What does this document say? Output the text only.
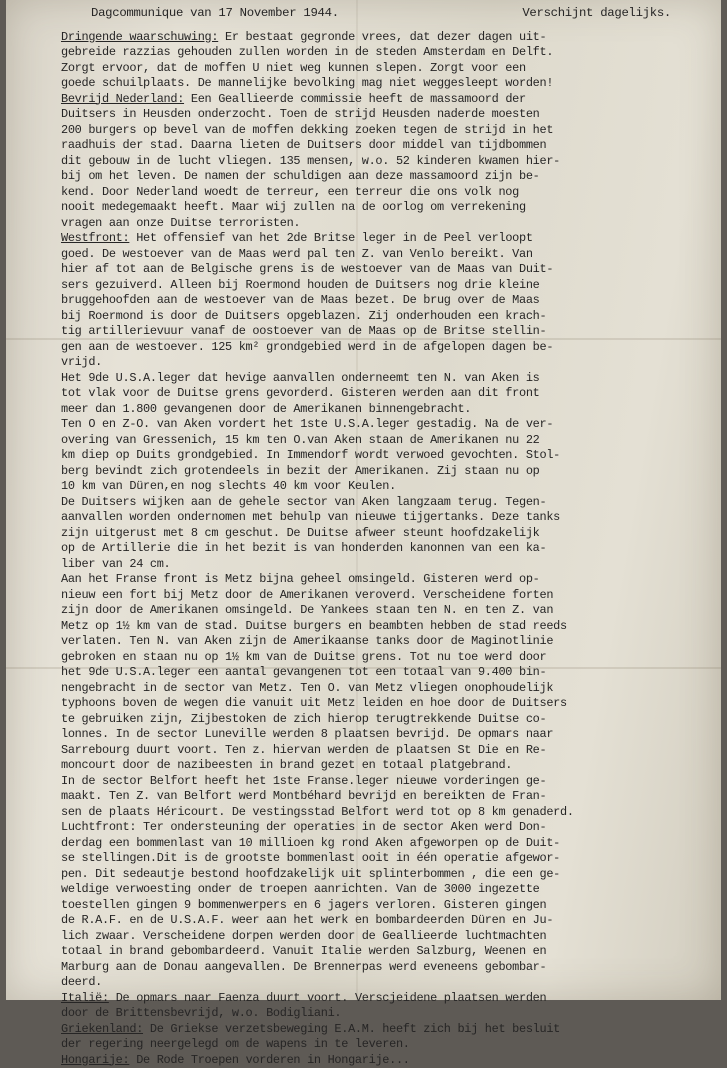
Dagcommunique van 17 November 1944.	Verschijnt dagelijks.

Dringende waarschuwing: Er bestaat gegronde vrees, dat dezer dagen uit-

gebreide razzias gehouden zullen worden in de steden Amsterdam en Delft.

Zorgt ervoor, dat de moffen U niet weg kunnen slepen. Zorgt voor een

goede schuilplaats. De mannelijke bevolking mag niet weggesleept worden!

Bevrijd Nederland: Een Geallieerde commissie heeft de massamoord der

Duitsers in Heusden onderzocht. Toen de strijd Heusden naderde moesten

200 burgers op bevel van de moffen dekking zoeken tegen de strijd in het

raadhuis der stad. Daarna lieten de Duitsers door middel van tijdbommen

dit gebouw in de lucht vliegen. 135 mensen, w.o. 52 kinderen kwamen hier-

bij om het leven. De namen der schuldigen aan deze massamoord zijn be-

kend. Door Nederland woedt de terreur, een terreur die ons volk nog

nooit medegemaakt heeft. Maar wij zullen na de oorlog om verrekening

vragen aan onze Duitse terroristen.

Westfront: Het offensief van het 2de Britse leger in de Peel verloopt

goed. De westoever van de Maas werd pal ten Z. van Venlo bereikt. Van

hier af tot aan de Belgische grens is de westoever van de Maas van Duit-

sers gezuiverd. Alleen bij Roermond houden de Duitsers nog drie kleine

bruggehoofden aan de westoever van de Maas bezet. De brug over de Maas

bij Roermond is door de Duitsers opgeblazen. Zij onderhouden een krach-

tig artillerievuur vanaf de oostoever van de Maas op de Britse stellin-

gen aan de westoever. 125 km² grondgebied werd in de afgelopen dagen be-

vrijd.

Het 9de U.S.A.leger dat hevige aanvallen onderneemt ten N. van Aken is

tot vlak voor de Duitse grens gevorderd. Gisteren werden aan dit front

meer dan 1.800 gevangenen door de Amerikanen binnengebracht.

Ten O en Z-O. van Aken vordert het 1ste U.S.A.leger gestadig. Na de ver-

overing van Gressenich, 15 km ten O.van Aken staan de Amerikanen nu 22

km diep op Duits grondgebied. In Immendorf wordt verwoed gevochten. Stol-

berg bevindt zich grotendeels in bezit der Amerikanen. Zij staan nu op

10 km van Düren,en nog slechts 40 km voor Keulen.

De Duitsers wijken aan de gehele sector van Aken langzaam terug. Tegen-

aanvallen worden ondernomen met behulp van nieuwe tijgertanks. Deze tanks

zijn uitgerust met 8 cm geschut. De Duitse afweer steunt hoofdzakelijk

op de Artillerie die in het bezit is van honderden kanonnen van een ka-

liber van 24 cm.

Aan het Franse front is Metz bijna geheel omsingeld. Gisteren werd op-

nieuw een fort bij Metz door de Amerikanen veroverd. Verscheidene forten

zijn door de Amerikanen omsingeld. De Yankees staan ten N. en ten Z. van

Metz op 1½ km van de stad. Duitse burgers en beambten hebben de stad reeds

verlaten. Ten N. van Aken zijn de Amerikaanse tanks door de Maginotlinie

gebroken en staan nu op 1½ km van de Duitse grens. Tot nu toe werd door

het 9de U.S.A.leger een aantal gevangenen tot een totaal van 9.400 bin-

nengebracht in de sector van Metz. Ten O. van Metz vliegen onophoudelijk

typhoons boven de wegen die vanuit uit Metz leiden en hoe door de Duitsers

te gebruiken zijn, Zijbestoken de zich hierop terugtrekkende Duitse co-

lonnes. In de sector Luneville werden 8 plaatsen bevrijd. De opmars naar

Sarrebourg duurt voort. Ten z. hiervan werden de plaatsen St Die en Re-

moncourt door de nazibeesten in brand gezet en totaal platgebrand.

In de sector Belfort heeft het 1ste Franse.leger nieuwe vorderingen ge-

maakt. Ten Z. van Belfort werd Montbéhard bevrijd en bereikten de Fran-

sen de plaats Héricourt. De vestingsstad Belfort werd tot op 8 km genaderd.

Luchtfront: Ter ondersteuning der operaties in de sector Aken werd Don-

derdag een bommenlast van 10 millioen kg rond Aken afgeworpen op de Duit-

se stellingen.Dit is de grootste bommenlast ooit in één operatie afgewor-

pen. Dit sedeautje bestond hoofdzakelijk uit splinterbommen , die een ge-

weldige verwoesting onder de troepen aanrichten. Van de 3000 ingezette

toestellen gingen 9 bommenwerpers en 6 jagers verloren. Gisteren gingen

de R.A.F. en de U.S.A.F. weer aan het werk en bombardeerden Düren en Ju-

lich zwaar. Verscheidene dorpen werden door de Geallieerde luchtmachten

totaal in brand gebombardeerd. Vanuit Italie werden Salzburg, Weenen en

Marburg aan de Donau aangevallen. De Brennerpas werd eveneens gebombar-

deerd.

Italië: De opmars naar Faenza duurt voort. Verscjeidene plaatsen werden

door de Brittensbevrijd, w.o. Bodigliani.

Griekenland: De Griekse verzetsbeweging E.A.M. heeft zich bij het besluit

der regering neergelegd om de wapens in te leveren.

Hongarije: De Rode Troepen vorderen in Hongarije...
